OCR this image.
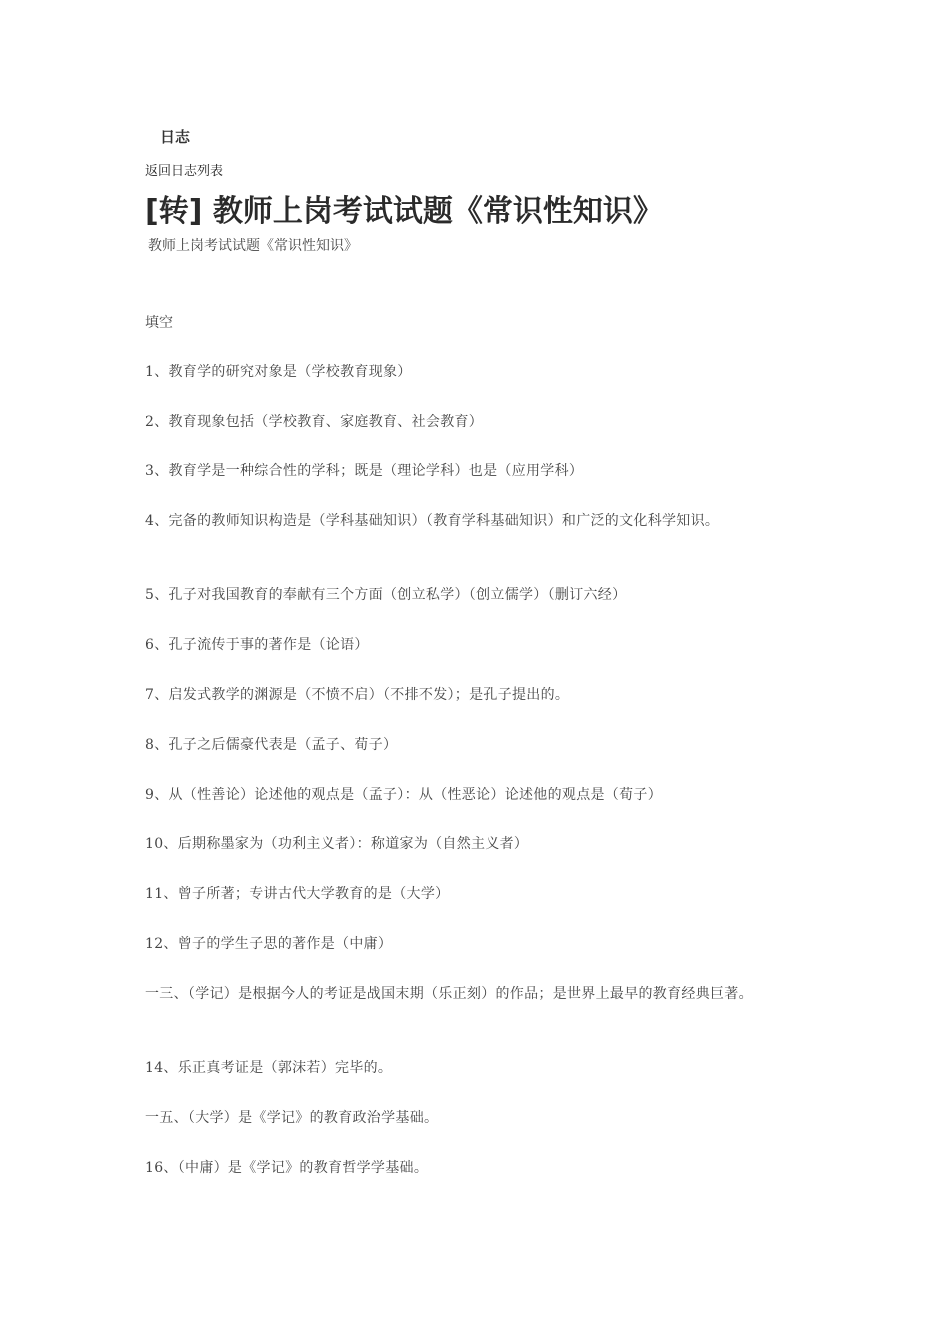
日志
返回日志列表
[转] 教师上岗考试试题《常识性知识》
教师上岗考试试题《常识性知识》
填空
1、教育学的研究对象是（学校教育现象）
2、教育现象包括（学校教育、家庭教育、社会教育）
3、教育学是一种综合性的学科；既是（理论学科）也是（应用学科）
4、完备的教师知识构造是（学科基础知识）（教育学科基础知识）和广泛的文化科学知识。
5、孔子对我国教育的奉献有三个方面（创立私学）（创立儒学）（删订六经）
6、孔子流传于事的著作是（论语）
7、启发式教学的渊源是（不愤不启）（不排不发）；是孔子提出的。
8、孔子之后儒豪代表是（孟子、荀子）
9、从（性善论）论述他的观点是（孟子）：从（性恶论）论述他的观点是（荀子）
10、后期称墨家为（功利主义者）：称道家为（自然主义者）
11、曾子所著；专讲古代大学教育的是（大学）
12、曾子的学生子思的著作是（中庸）
一三、（学记）是根据今人的考证是战国末期（乐正刻）的作品；是世界上最早的教育经典巨著。
14、乐正真考证是（郭沫若）完毕的。
一五、（大学）是《学记》的教育政治学基础。
16、（中庸）是《学记》的教育哲学学基础。
